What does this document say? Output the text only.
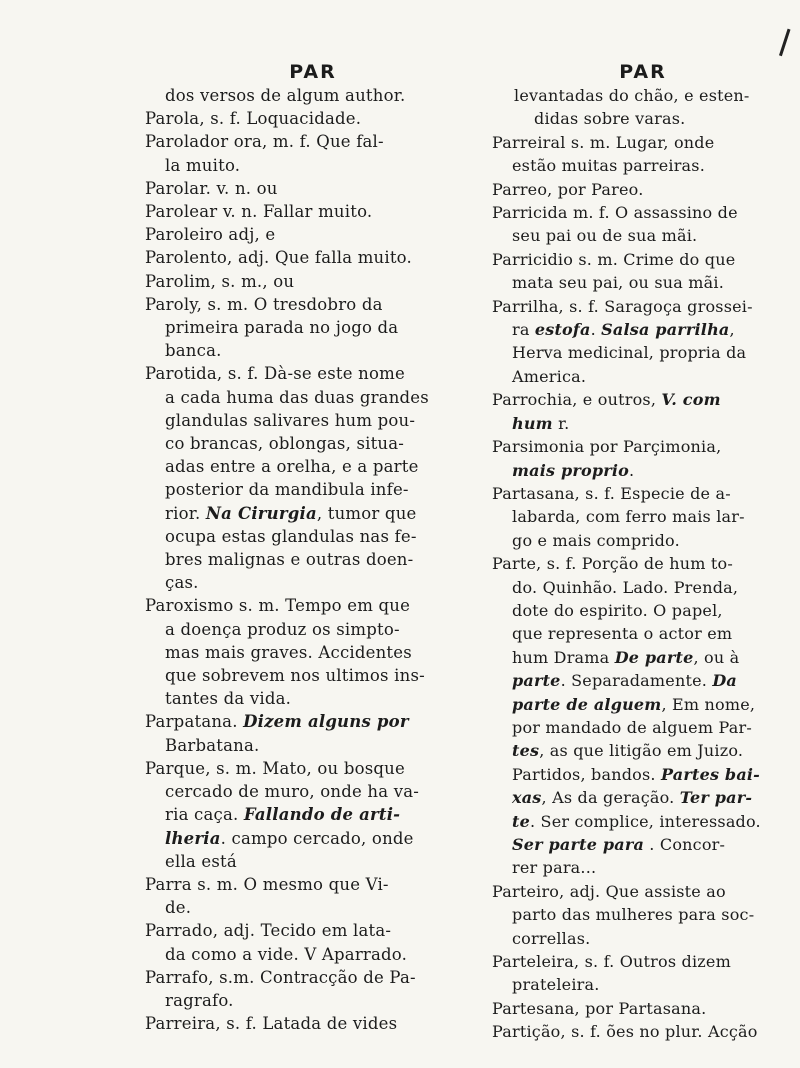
PAR
dos versos de algum author.
Parola, s. f. Loquacidade.
Parolador ora, m. f. Que fal-
la muito.
Parolar. v. n. ou
Parolear v. n. Fallar muito.
Paroleiro adj, e
Parolento, adj. Que falla muito.
Parolim, s. m., ou
Paroly, s. m. O tresdobro da
primeira parada no jogo da
banca.
Parotida, s. f. Dà-se este nome
a cada huma das duas grandes
glandulas salivares hum pou-
co brancas, oblongas, situa-
adas entre a orelha, e a parte
posterior da mandibula infe-
rior. Na Cirurgia, tumor que
ocupa estas glandulas nas fe-
bres malignas e outras doen-
ças.
Paroxismo s. m. Tempo em que
a doença produz os simpto-
mas mais graves. Accidentes
que sobrevem nos ultimos ins-
tantes da vida.
Parpatana. Dizem alguns por
Barbatana.
Parque, s. m. Mato, ou bosque
cercado de muro, onde ha va-
ria caça. Fallando de arti-
lheria. campo cercado, onde
ella está
Parra s. m. O mesmo que Vi-
de.
Parrado, adj. Tecido em lata-
da como a vide. V Aparrado.
Parrafo, s.m. Contracção de Pa-
ragrafo.
Parreira, s. f. Latada de vides
PAR
levantadas do chão, e esten-
didas sobre varas.
Parreiral s. m. Lugar, onde
estão muitas parreiras.
Parreo, por Pareo.
Parricida m. f. O assassino de
seu pai ou de sua mãi.
Parricidio s. m. Crime do que
mata seu pai, ou sua mãi.
Parrilha, s. f. Saragoça grossei-
ra estofa. Salsa parrilha,
Herva medicinal, propria da
America.
Parrochia, e outros, V. com
hum r.
Parsimonia por Parçimonia,
mais proprio.
Partasana, s. f. Especie de a-
labarda, com ferro mais lar-
go e mais comprido.
Parte, s. f. Porção de hum to-
do. Quinhão. Lado. Prenda,
dote do espirito. O papel,
que representa o actor em
hum Drama De parte, ou à
parte. Separadamente. Da
parte de alguem, Em nome,
por mandado de alguem Par-
tes, as que litigão em Juizo.
Partidos, bandos. Partes bai-
xas, As da geração. Ter par-
te. Ser complice, interessado.
Ser parte para . Concor-
rer para...
Parteiro, adj. Que assiste ao
parto das mulheres para soc-
correllas.
Parteleira, s. f. Outros dizem
prateleira.
Partesana, por Partasana.
Partição, s. f. ões no plur. Acção
